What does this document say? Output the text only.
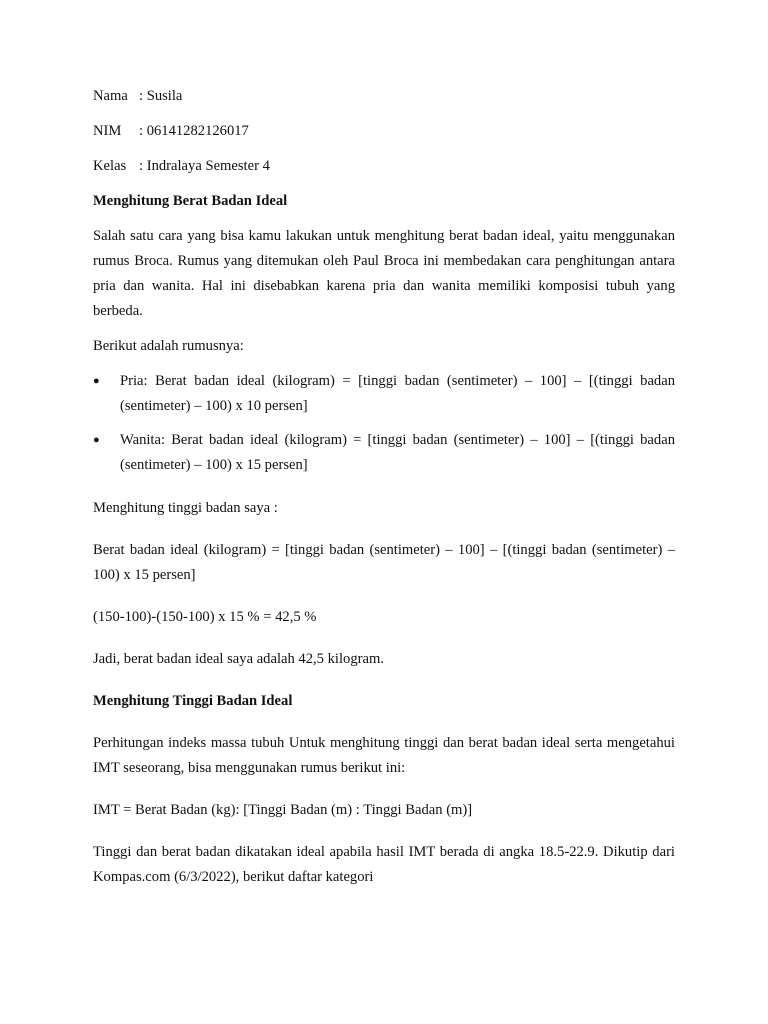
Nama : Susila
NIM	: 06141282126017
Kelas : Indralaya Semester 4

Menghitung Berat Badan Ideal

Salah satu cara yang bisa kamu lakukan untuk menghitung berat badan ideal, yaitu menggunakan rumus Broca. Rumus yang ditemukan oleh Paul Broca ini membedakan cara penghitungan antara pria dan wanita. Hal ini disebabkan karena pria dan wanita memiliki komposisi tubuh yang berbeda.

Berikut adalah rumusnya:

●	Pria: Berat badan ideal (kilogram) = [tinggi badan (sentimeter) – 100] – [(tinggi badan (sentimeter) – 100) x 10 persen]
●	Wanita: Berat badan ideal (kilogram) = [tinggi badan (sentimeter) – 100] – [(tinggi badan (sentimeter) – 100) x 15 persen]

Menghitung tinggi badan saya :

Berat badan ideal (kilogram) = [tinggi badan (sentimeter) – 100] – [(tinggi badan (sentimeter) – 100) x 15 persen]

(150-100)-(150-100) x 15 % = 42,5 %

Jadi, berat badan ideal saya adalah 42,5 kilogram.

Menghitung Tinggi Badan Ideal

Perhitungan indeks massa tubuh Untuk menghitung tinggi dan berat badan ideal serta mengetahui IMT seseorang, bisa menggunakan rumus berikut ini:

IMT = Berat Badan (kg): [Tinggi Badan (m) : Tinggi Badan (m)]

Tinggi dan berat badan dikatakan ideal apabila hasil IMT berada di angka 18.5-22.9. Dikutip dari Kompas.com (6/3/2022), berikut daftar kategori
